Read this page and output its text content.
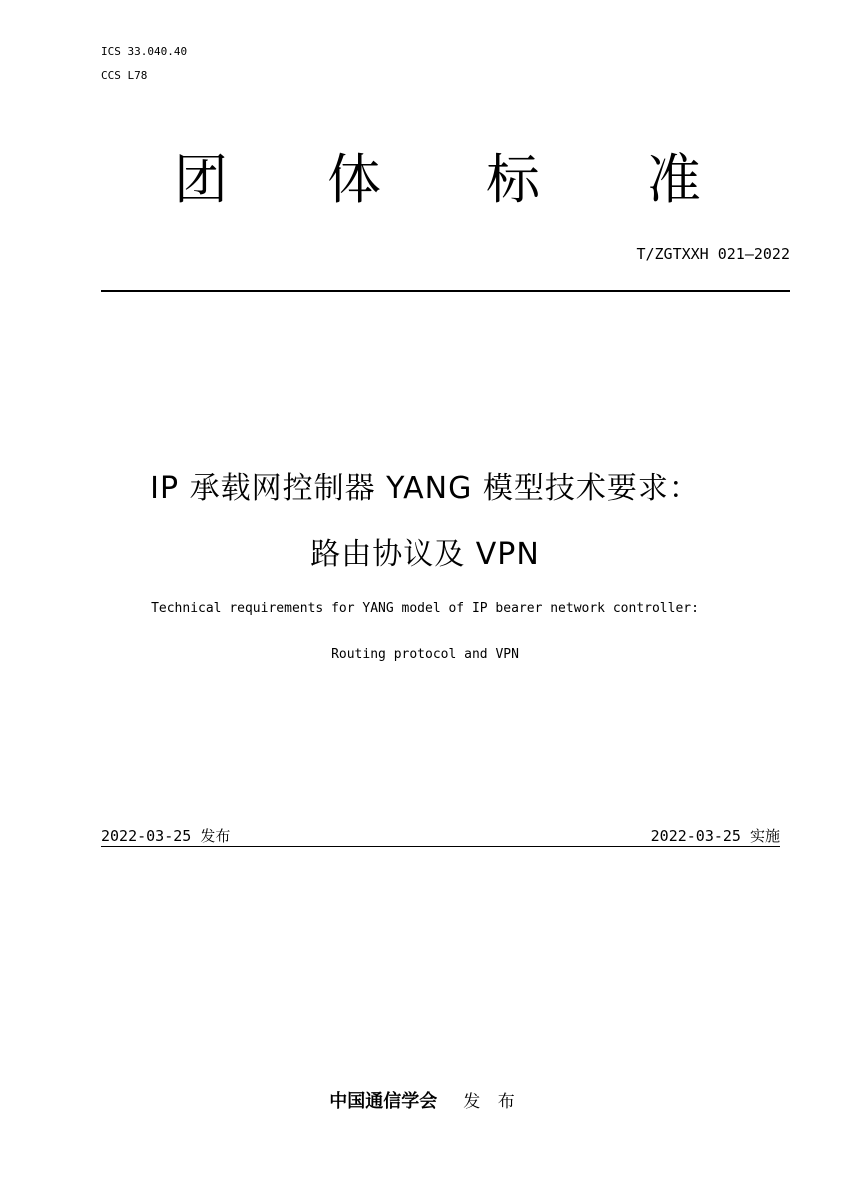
ICS 33.040.40
CCS L78
团 体 标 准
T/ZGTXXH 021—2022
IP 承载网控制器 YANG 模型技术要求：
路由协议及 VPN
Technical requirements for YANG model of IP bearer network controller:
Routing protocol and VPN
2022-03-25 发布	2022-03-25 实施
中国通信学会 发 布
